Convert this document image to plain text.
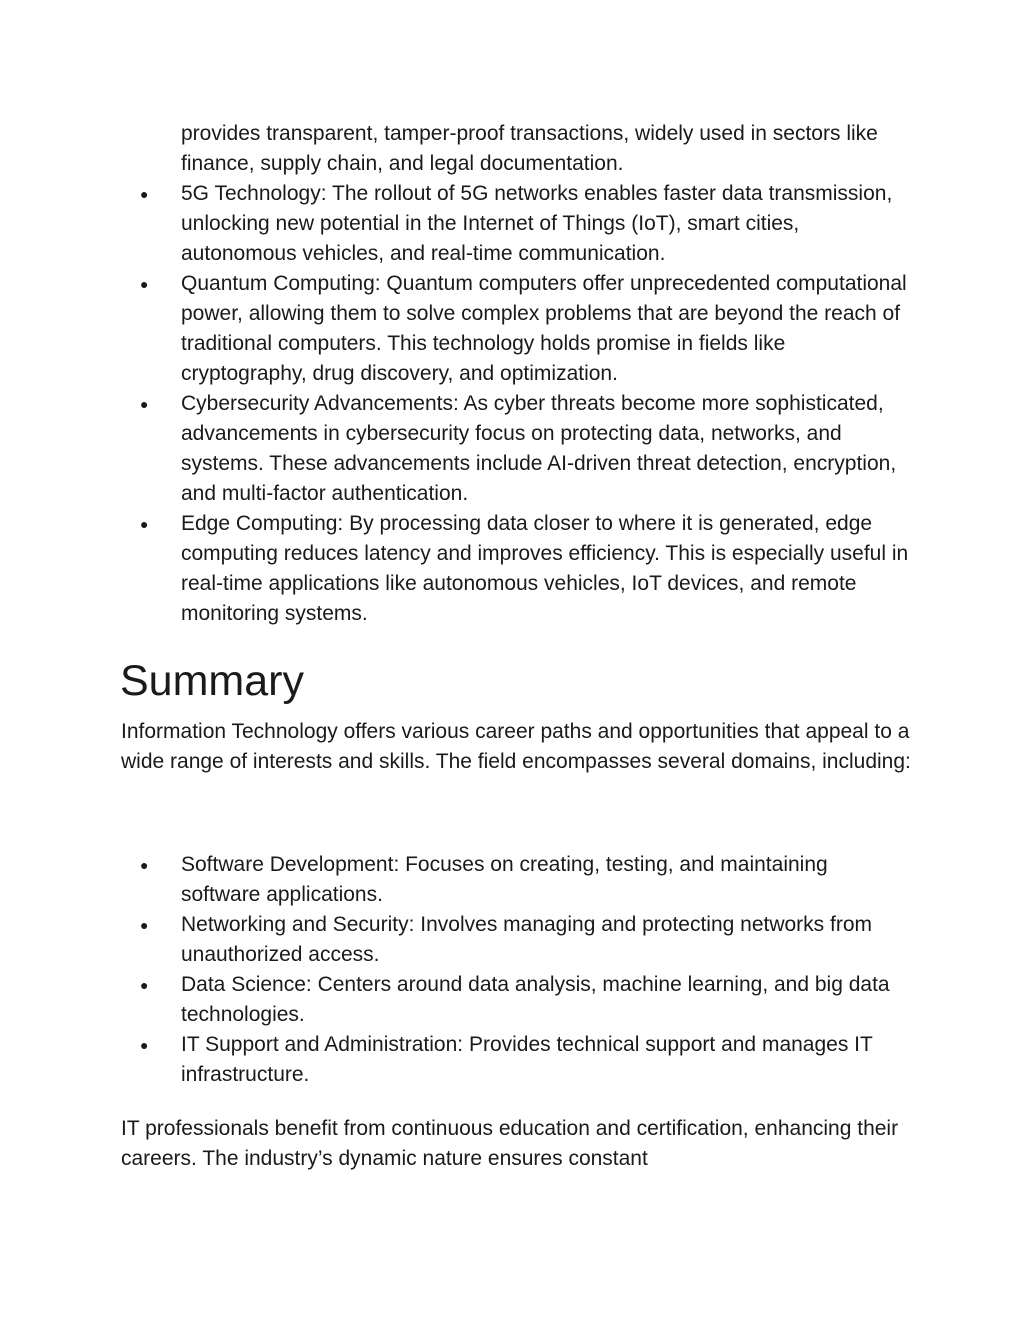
provides transparent, tamper-proof transactions, widely used in sectors like finance, supply chain, and legal documentation.

● 5G Technology: The rollout of 5G networks enables faster data transmission, unlocking new potential in the Internet of Things (IoT), smart cities, autonomous vehicles, and real-time communication.
● Quantum Computing: Quantum computers offer unprecedented computational power, allowing them to solve complex problems that are beyond the reach of traditional computers. This technology holds promise in fields like cryptography, drug discovery, and optimization.
● Cybersecurity Advancements: As cyber threats become more sophisticated, advancements in cybersecurity focus on protecting data, networks, and systems. These advancements include AI-driven threat detection, encryption, and multi-factor authentication.
● Edge Computing: By processing data closer to where it is generated, edge computing reduces latency and improves efficiency. This is especially useful in real-time applications like autonomous vehicles, IoT devices, and remote monitoring systems.
Summary

Information Technology offers various career paths and opportunities that appeal to a wide range of interests and skills. The field encompasses several domains, including:

● Software Development: Focuses on creating, testing, and maintaining software applications.
● Networking and Security: Involves managing and protecting networks from unauthorized access.
● Data Science: Centers around data analysis, machine learning, and big data technologies.
● IT Support and Administration: Provides technical support and manages IT infrastructure.

IT professionals benefit from continuous education and certification, enhancing their careers. The industry’s dynamic nature ensures constant
